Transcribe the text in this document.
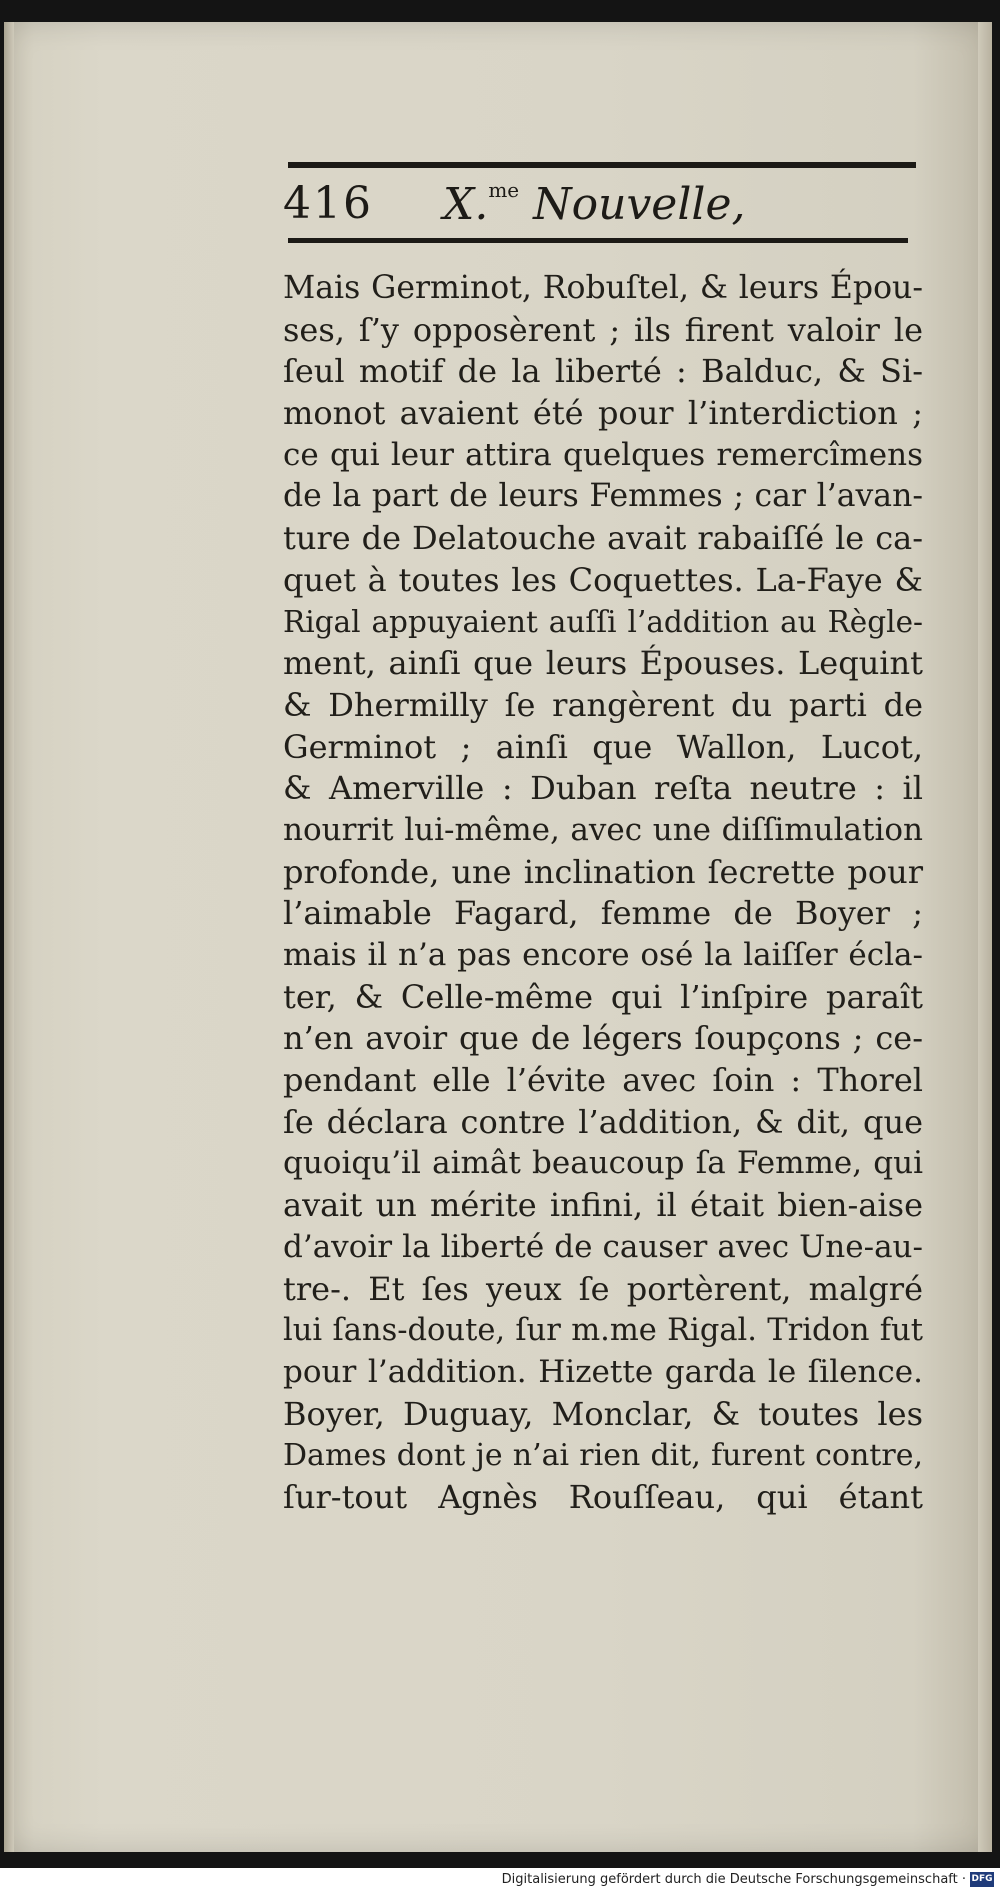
416 X.$^{me}$ Nouvelle,
Mais Germinot, Robuſtel, & leurs Épou-
ses, ſ’y opposèrent ; ils firent valoir le
ſeul motif de la liberté : Balduc, & Si-
monot avaient été pour l’interdiction ;
ce qui leur attira quelques remercîmens
de la part de leurs Femmes ; car l’avan-
ture de Delatouche avait rabaiſſé le ca-
quet à toutes les Coquettes. La-Faye &
Rigal appuyaient auſſi l’addition au Règle-
ment, ainſi que leurs Épouses. Lequint
& Dhermilly ſe rangèrent du parti de
Germinot ; ainſi que Wallon, Lucot,
& Amerville : Duban reſta neutre : il
nourrit lui-même, avec une diſſimulation
profonde, une inclination ſecrette pour
l’aimable Fagard, femme de Boyer ;
mais il n’a pas encore osé la laiſſer écla-
ter, & Celle-même qui l’inſpire paraît
n’en avoir que de légers ſoupçons ; ce-
pendant elle l’évite avec ſoin : Thorel
ſe déclara contre l’addition, & dit, que
quoiqu’il aimât beaucoup ſa Femme, qui
avait un mérite infini, il était bien-aise
d’avoir la liberté de causer avec Une-au-
tre-. Et ſes yeux ſe portèrent, malgré
lui ſans-doute, ſur m.me Rigal. Tridon fut
pour l’addition. Hizette garda le ſilence.
Boyer, Duguay, Monclar, & toutes les
Dames dont je n’ai rien dit, furent contre,
ſur-tout Agnès Rouſſeau, qui étant
Digitalisierung gefördert durch die Deutsche Forschungsgemeinschaft · DFG
